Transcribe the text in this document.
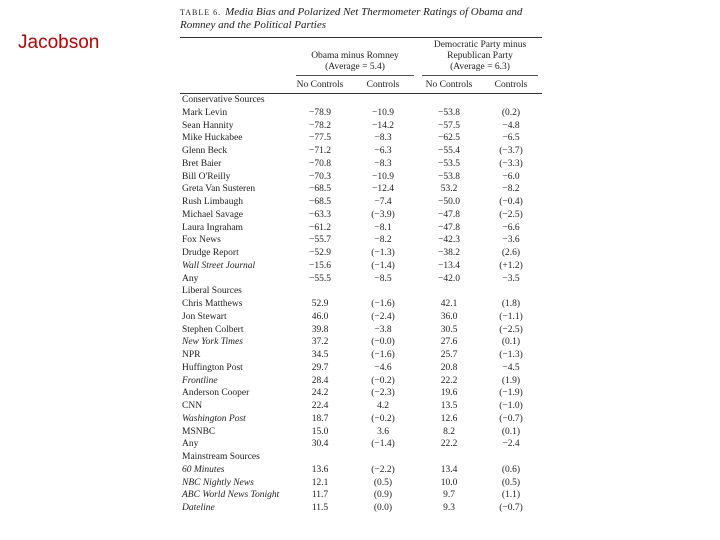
Jacobson
TABLE 6. Media Bias and Polarized Net Thermometer Ratings of Obama and Romney and the Political Parties
Obama minus Romney
(Average = 5.4)
Democratic Party minus
Republican Party
(Average = 6.3)
No Controls	Controls	No Controls	Controls
Conservative Sources
Mark Levin	−78.9	−10.9	−53.8	(0.2)
Sean Hannity	−78.2	−14.2	−57.5	−4.8
Mike Huckabee	−77.5	−8.3	−62.5	−6.5
Glenn Beck	−71.2	−6.3	−55.4	(−3.7)
Bret Baier	−70.8	−8.3	−53.5	(−3.3)
Bill O'Reilly	−70.3	−10.9	−53.8	−6.0
Greta Van Susteren	−68.5	−12.4	53.2	−8.2
Rush Limbaugh	−68.5	−7.4	−50.0	(−0.4)
Michael Savage	−63.3	(−3.9)	−47.8	(−2.5)
Laura Ingraham	−61.2	−8.1	−47.8	−6.6
Fox News	−55.7	−8.2	−42.3	−3.6
Drudge Report	−52.9	(−1.3)	−38.2	(2.6)
Wall Street Journal	−15.6	(−1.4)	−13.4	(+1.2)
Any	−55.5	−8.5	−42.0	−3.5
Liberal Sources
Chris Matthews	52.9	(−1.6)	42.1	(1.8)
Jon Stewart	46.0	(−2.4)	36.0	(−1.1)
Stephen Colbert	39.8	−3.8	30.5	(−2.5)
New York Times	37.2	(−0.0)	27.6	(0.1)
NPR	34.5	(−1.6)	25.7	(−1.3)
Huffington Post	29.7	−4.6	20.8	−4.5
Frontline	28.4	(−0.2)	22.2	(1.9)
Anderson Cooper	24.2	(−2.3)	19.6	(−1.9)
CNN	22.4	4.2	13.5	(−1.0)
Washington Post	18.7	(−0.2)	12.6	(−0.7)
MSNBC	15.0	3.6	8.2	(0.1)
Any	30.4	(−1.4)	22.2	−2.4
Mainstream Sources
60 Minutes	13.6	(−2.2)	13.4	(0.6)
NBC Nightly News	12.1	(0.5)	10.0	(0.5)
ABC World News Tonight	11.7	(0.9)	9.7	(1.1)
Dateline	11.5	(0.0)	9.3	(−0.7)
